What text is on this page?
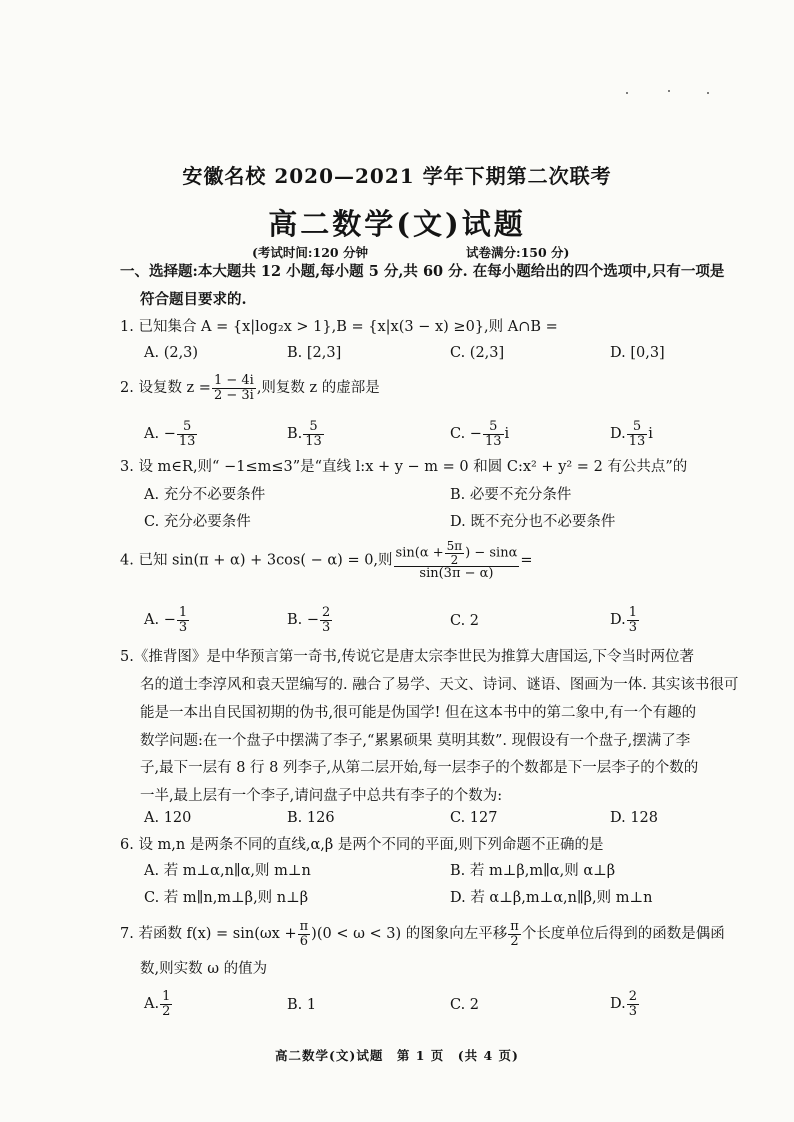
安徽名校 2020—2021 学年下期第二次联考
高二数学(文)试题
(考试时间:120 分钟	试卷满分:150 分)
一、选择题:本大题共 12 小题,每小题 5 分,共 60 分. 在每小题给出的四个选项中,只有一项是
符合题目要求的.
1. 已知集合 A = {x|log₂x > 1},B = {x|x(3 − x) ≥0},则 A∩B =
A. (2,3)	B. [2,3]	C. (2,3]	D. [0,3]
2. 设复数 $z = \frac{1 - 4i}{2 - 3i}$ ,则复数 z 的虚部是
A. − $\frac{5}{13}$	B. $\frac{5}{13}$	C. − $\frac{5}{13}$ i	D. $\frac{5}{13}$ i
3. 设 m∈R,则“ −1≤m≤3”是“直线 l:x + y − m = 0 和圆 C:x² + y² = 2 有公共点”的
A. 充分不必要条件	B. 必要不充分条件
C. 充分必要条件	D. 既不充分也不必要条件
4. 已知 sin(π + α) + 3cos( − α) = 0,则 $\frac{\sin(\alpha + \frac{5\pi}{2} ) - \sin\alpha}{\sin(3\pi - \alpha)}$ =
A. − $\frac{1}{3}$	B. − $\frac{2}{3}$	C. 2	D. $\frac{1}{3}$
5.《推背图》是中华预言第一奇书,传说它是唐太宗李世民为推算大唐国运,下令当时两位著
名的道士李淳风和袁天罡编写的. 融合了易学、天文、诗词、谜语、图画为一体. 其实该书很可
能是一本出自民国初期的伪书,很可能是伪国学! 但在这本书中的第二象中,有一个有趣的
数学问题:在一个盘子中摆满了李子,“累累硕果 莫明其数”. 现假设有一个盘子,摆满了李
子,最下一层有 8 行 8 列李子,从第二层开始,每一层李子的个数都是下一层李子的个数的
一半,最上层有一个李子,请问盘子中总共有李子的个数为:
A. 120	B. 126	C. 127	D. 128
6. 设 m,n 是两条不同的直线,α,β 是两个不同的平面,则下列命题不正确的是
A. 若 m⊥α,n∥α,则 m⊥n	B. 若 m⊥β,m∥α,则 α⊥β
C. 若 m∥n,m⊥β,则 n⊥β	D. 若 α⊥β,m⊥α,n∥β,则 m⊥n
7. 若函数 $f(x) = \sin(\omega x + \frac{\pi}{6} )(0 < \omega < 3)$ 的图象向左平移 $\frac{\pi}{2}$ 个长度单位后得到的函数是偶函
数,则实数 ω 的值为
A. $\frac{1}{2}$	B. 1	C. 2	D. $\frac{2}{3}$
高二数学(文)试题　第 1 页　(共 4 页)
